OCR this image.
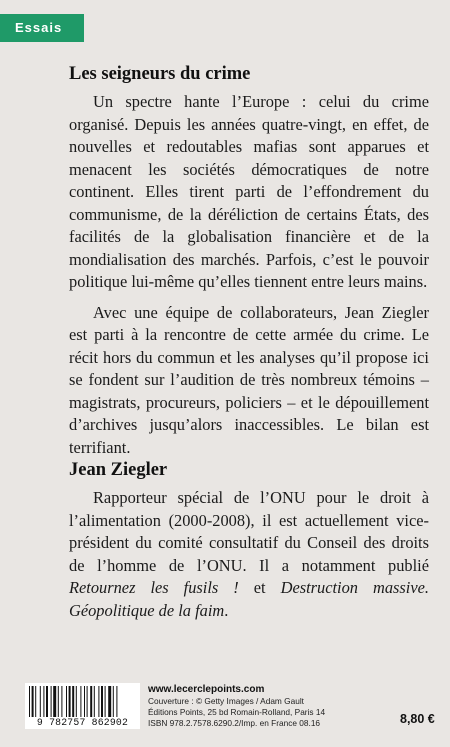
Essais
Les seigneurs du crime

Un spectre hante l’Europe : celui du crime organisé. Depuis les années quatre-vingt, en effet, de nouvelles et redoutables mafias sont apparues et menacent les sociétés démocratiques de notre continent. Elles tirent parti de l’effondrement du communisme, de la déréliction de certains États, des facilités de la globalisation financière et de la mondialisation des marchés. Parfois, c’est le pouvoir politique lui-même qu’elles tiennent entre leurs mains.

Avec une équipe de collaborateurs, Jean Ziegler est parti à la rencontre de cette armée du crime. Le récit hors du commun et les analyses qu’il propose ici se fondent sur l’audition de très nombreux témoins – magistrats, procureurs, policiers – et le dépouillement d’archives jusqu’alors inaccessibles. Le bilan est terrifiant.

Jean Ziegler

Rapporteur spécial de l’ONU pour le droit à l’alimentation (2000-2008), il est actuellement vice-président du comité consultatif du Conseil des droits de l’homme de l’ONU. Il a notamment publié Retournez les fusils ! et Destruction massive. Géopolitique de la faim.

9 782757 862902
www.lecerclepoints.com
Couverture : © Getty Images / Adam Gault
Éditions Points, 25 bd Romain-Rolland, Paris 14
ISBN 978.2.7578.6290.2/Imp. en France 08.16	8,80 €
